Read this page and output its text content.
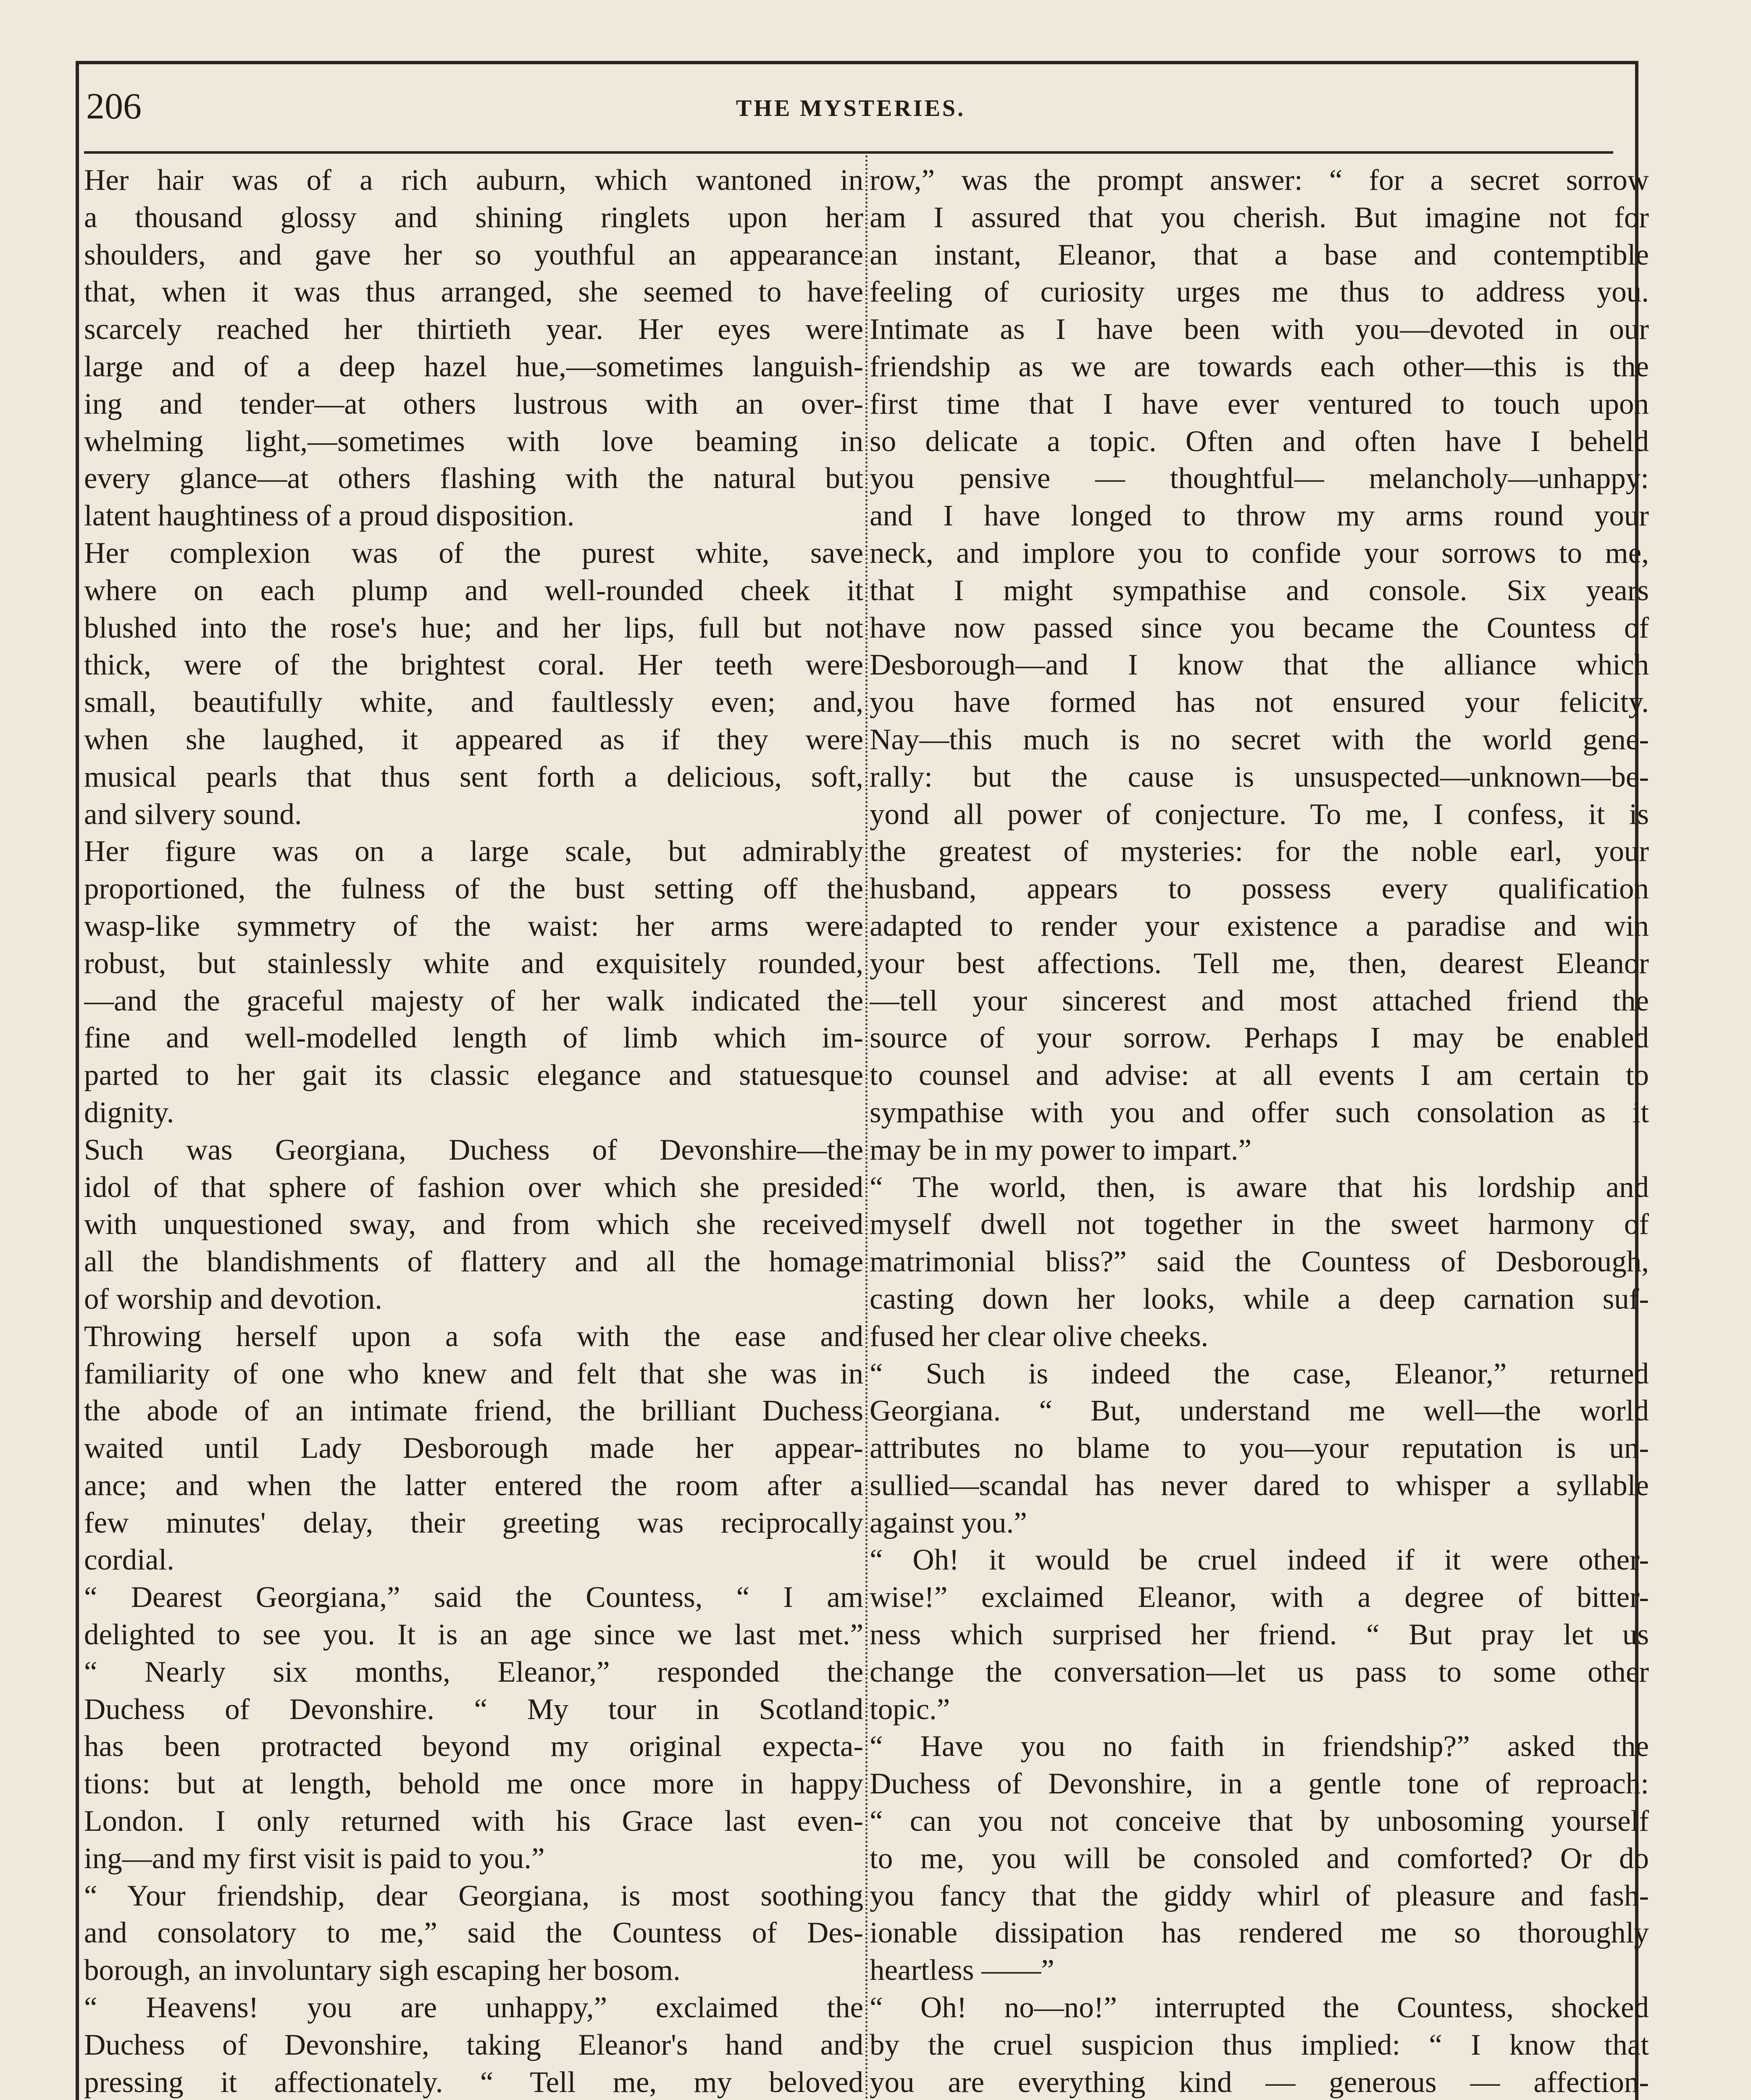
206	THE MYSTERIES.
Her hair was of a rich auburn, which wantoned in
a thousand glossy and shining ringlets upon her
shoulders, and gave her so youthful an appearance
that, when it was thus arranged, she seemed to have
scarcely reached her thirtieth year. Her eyes were
large and of a deep hazel hue,—sometimes languish-
ing and tender—at others lustrous with an over-
whelming light,—sometimes with love beaming in
every glance—at others flashing with the natural but
latent haughtiness of a proud disposition.
Her complexion was of the purest white, save
where on each plump and well-rounded cheek it
blushed into the rose's hue; and her lips, full but not
thick, were of the brightest coral. Her teeth were
small, beautifully white, and faultlessly even; and,
when she laughed, it appeared as if they were
musical pearls that thus sent forth a delicious, soft,
and silvery sound.
Her figure was on a large scale, but admirably
proportioned, the fulness of the bust setting off the
wasp-like symmetry of the waist: her arms were
robust, but stainlessly white and exquisitely rounded,
—and the graceful majesty of her walk indicated the
fine and well-modelled length of limb which im-
parted to her gait its classic elegance and statuesque
dignity.
Such was Georgiana, Duchess of Devonshire—the
idol of that sphere of fashion over which she presided
with unquestioned sway, and from which she received
all the blandishments of flattery and all the homage
of worship and devotion.
Throwing herself upon a sofa with the ease and
familiarity of one who knew and felt that she was in
the abode of an intimate friend, the brilliant Duchess
waited until Lady Desborough made her appear-
ance; and when the latter entered the room after a
few minutes' delay, their greeting was reciprocally
cordial.
“ Dearest Georgiana,” said the Countess, “ I am
delighted to see you. It is an age since we last met.”
“ Nearly six months, Eleanor,” responded the
Duchess of Devonshire. “ My tour in Scotland
has been protracted beyond my original expecta-
tions: but at length, behold me once more in happy
London. I only returned with his Grace last even-
ing—and my first visit is paid to you.”
“ Your friendship, dear Georgiana, is most soothing
and consolatory to me,” said the Countess of Des-
borough, an involuntary sigh escaping her bosom.
“ Heavens! you are unhappy,” exclaimed the
Duchess of Devonshire, taking Eleanor's hand and
pressing it affectionately. “ Tell me, my beloved
row,” was the prompt answer: “ for a secret sorrow
am I assured that you cherish. But imagine not for
an instant, Eleanor, that a base and contemptible
feeling of curiosity urges me thus to address you.
Intimate as I have been with you—devoted in our
friendship as we are towards each other—this is the
first time that I have ever ventured to touch upon
so delicate a topic. Often and often have I beheld
you pensive — thoughtful— melancholy—unhappy:
and I have longed to throw my arms round your
neck, and implore you to confide your sorrows to me,
that I might sympathise and console. Six years
have now passed since you became the Countess of
Desborough—and I know that the alliance which
you have formed has not ensured your felicity.
Nay—this much is no secret with the world gene-
rally: but the cause is unsuspected—unknown—be-
yond all power of conjecture. To me, I confess, it is
the greatest of mysteries: for the noble earl, your
husband, appears to possess every qualification
adapted to render your existence a paradise and win
your best affections. Tell me, then, dearest Eleanor
—tell your sincerest and most attached friend the
source of your sorrow. Perhaps I may be enabled
to counsel and advise: at all events I am certain to
sympathise with you and offer such consolation as it
may be in my power to impart.”
“ The world, then, is aware that his lordship and
myself dwell not together in the sweet harmony of
matrimonial bliss?” said the Countess of Desborough,
casting down her looks, while a deep carnation suf-
fused her clear olive cheeks.
“ Such is indeed the case, Eleanor,” returned
Georgiana. “ But, understand me well—the world
attributes no blame to you—your reputation is un-
sullied—scandal has never dared to whisper a syllable
against you.”
“ Oh! it would be cruel indeed if it were other-
wise!” exclaimed Eleanor, with a degree of bitter-
ness which surprised her friend. “ But pray let us
change the conversation—let us pass to some other
topic.”
“ Have you no faith in friendship?” asked the
Duchess of Devonshire, in a gentle tone of reproach:
“ can you not conceive that by unbosoming yourself
to me, you will be consoled and comforted? Or do
you fancy that the giddy whirl of pleasure and fash-
ionable dissipation has rendered me so thoroughly
heartless ——”
“ Oh! no—no!” interrupted the Countess, shocked
by the cruel suspicion thus implied: “ I know that
you are everything kind — generous — affection-
